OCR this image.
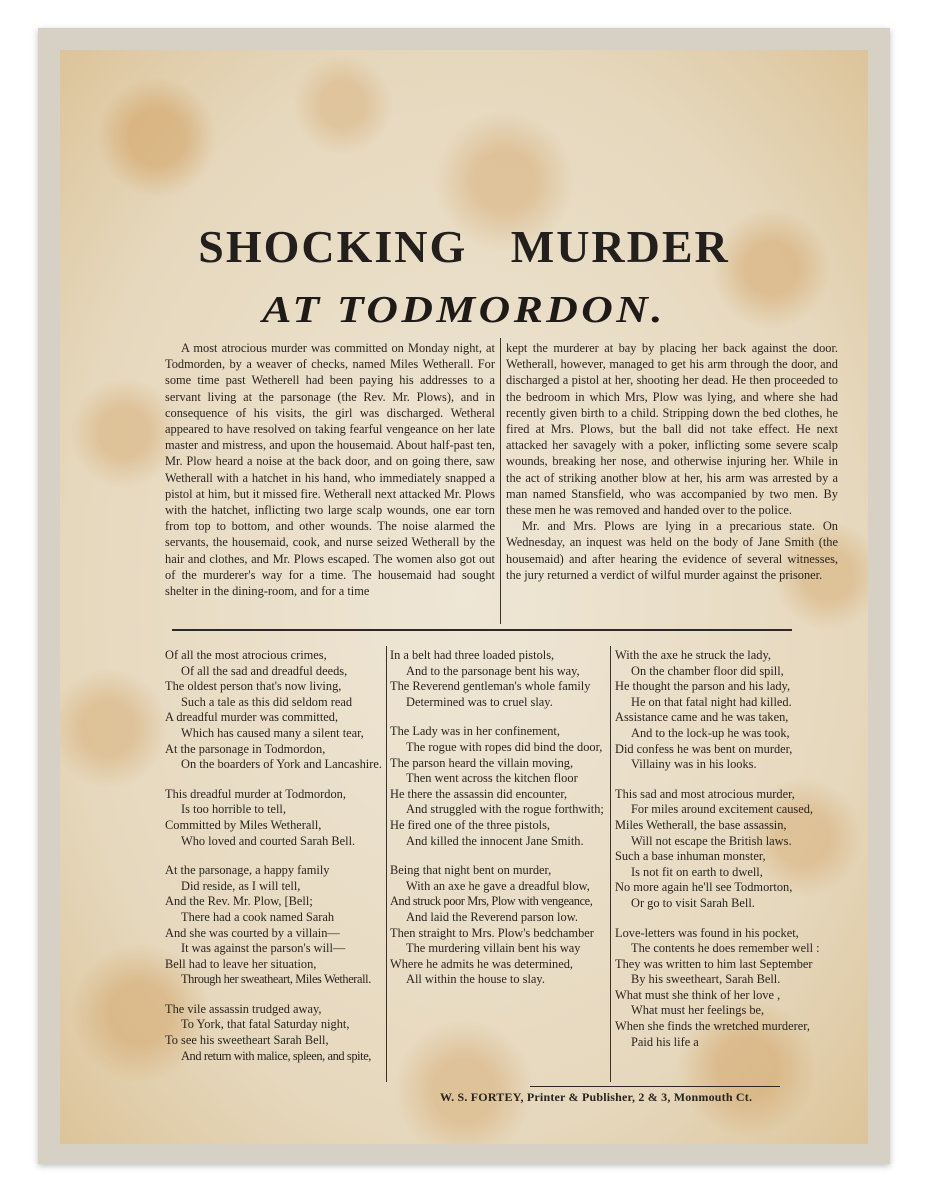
SHOCKING MURDER
AT TODMORDON.

A most atrocious murder was committed on Monday night, at Todmorden, by a weaver of checks, named Miles Wetherall. For some time past Wetherell had been paying his addresses to a servant living at the parsonage (the Rev. Mr. Plows), and in consequence of his visits, the girl was discharged. Wetheral appeared to have resolved on taking fearful vengeance on her late master and mistress, and upon the housemaid. About half-past ten, Mr. Plow heard a noise at the back door, and on going there, saw Wetherall with a hatchet in his hand, who immediately snapped a pistol at him, but it missed fire. Wetherall next attacked Mr. Plows with the hatchet, inflicting two large scalp wounds, one ear torn from top to bottom, and other wounds. The noise alarmed the servants, the housemaid, cook, and nurse seized Wetherall by the hair and clothes, and Mr. Plows escaped. The women also got out of the murderer's way for a time. The housemaid had sought shelter in the dining-room, and for a time

kept the murderer at bay by placing her back against the door. Wetherall, however, managed to get his arm through the door, and discharged a pistol at her, shooting her dead. He then proceeded to the bedroom in which Mrs, Plow was lying, and where she had recently given birth to a child. Stripping down the bed clothes, he fired at Mrs. Plows, but the ball did not take effect. He next attacked her savagely with a poker, inflicting some severe scalp wounds, breaking her nose, and otherwise injuring her. While in the act of striking another blow at her, his arm was arrested by a man named Stansfield, who was accompanied by two men. By these men he was removed and handed over to the police.

Mr. and Mrs. Plows are lying in a precarious state. On Wednesday, an inquest was held on the body of Jane Smith (the housemaid) and after hearing the evidence of several witnesses, the jury returned a verdict of wilful murder against the prisoner.

Of all the most atrocious crimes,
Of all the sad and dreadful deeds,
The oldest person that's now living,
Such a tale as this did seldom read
A dreadful murder was committed,
Which has caused many a silent tear,
At the parsonage in Todmordon,
On the boarders of York and Lancashire.
This dreadful murder at Todmordon,
Is too horrible to tell,
Committed by Miles Wetherall,
Who loved and courted Sarah Bell.
At the parsonage, a happy family
Did reside, as I will tell,
And the Rev. Mr. Plow, [Bell;
There had a cook named Sarah
And she was courted by a villain—
It was against the parson's will—
Bell had to leave her situation,
Through her sweatheart, Miles Wetherall.
The vile assassin trudged away,
To York, that fatal Saturday night,
To see his sweetheart Sarah Bell,
And return with malice, spleen, and spite,
In a belt had three loaded pistols,
And to the parsonage bent his way,
The Reverend gentleman's whole family
Determined was to cruel slay.
The Lady was in her confinement,
The rogue with ropes did bind the door,
The parson heard the villain moving,
Then went across the kitchen floor
He there the assassin did encounter,
And struggled with the rogue forthwith;
He fired one of the three pistols,
And killed the innocent Jane Smith.
Being that night bent on murder,
With an axe he gave a dreadful blow,
And struck poor Mrs, Plow with vengeance,
And laid the Reverend parson low.
Then straight to Mrs. Plow's bedchamber
The murdering villain bent his way
Where he admits he was determined,
All within the house to slay.
With the axe he struck the lady,
On the chamber floor did spill,
He thought the parson and his lady,
He on that fatal night had killed.
Assistance came and he was taken,
And to the lock-up he was took,
Did confess he was bent on murder,
Villainy was in his looks.
This sad and most atrocious murder,
For miles around excitement caused,
Miles Wetherall, the base assassin,
Will not escape the British laws.
Such a base inhuman monster,
Is not fit on earth to dwell,
No more again he'll see Todmorton,
Or go to visit Sarah Bell.
Love-letters was found in his pocket,
The contents he does remember well :
They was written to him last September
By his sweetheart, Sarah Bell.
What must she think of her love ,
What must her feelings be,
When she finds the wretched murderer,
Paid his life a
W. S. FORTEY, Printer & Publisher, 2 & 3, Monmouth Ct.
